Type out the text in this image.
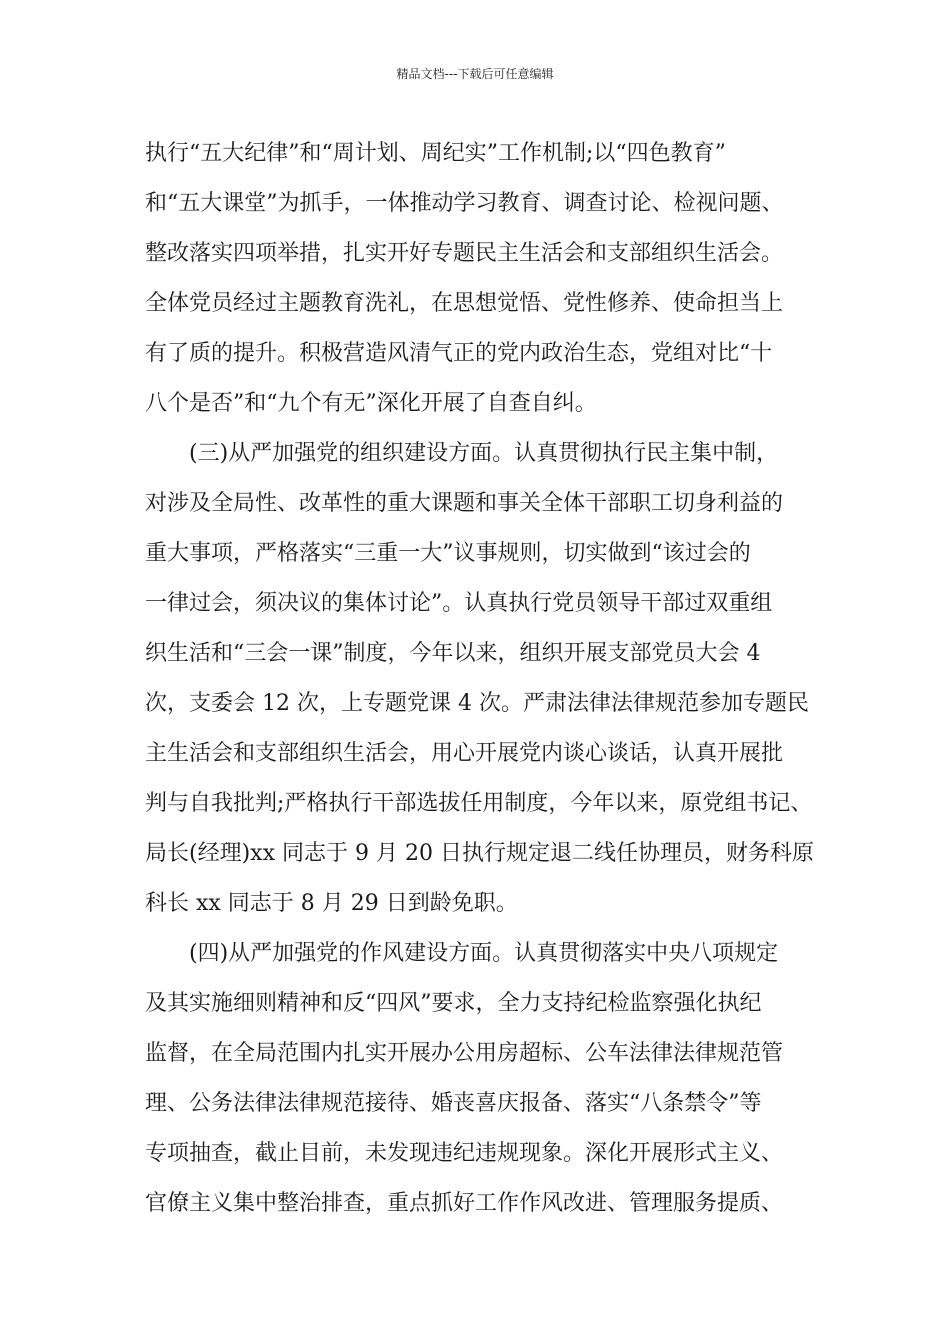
精品文档---下载后可任意编辑
执行“五大纪律”和“周计划、周纪实”工作机制;以“四色教育”
和“五大课堂”为抓手，一体推动学习教育、调查讨论、检视问题、
整改落实四项举措，扎实开好专题民主生活会和支部组织生活会。
全体党员经过主题教育洗礼，在思想觉悟、党性修养、使命担当上
有了质的提升。积极营造风清气正的党内政治生态，党组对比“十
八个是否”和“九个有无”深化开展了自查自纠。
　　(三)从严加强党的组织建设方面。认真贯彻执行民主集中制，
对涉及全局性、改革性的重大课题和事关全体干部职工切身利益的
重大事项，严格落实“三重一大”议事规则，切实做到“该过会的
一律过会，须决议的集体讨论”。认真执行党员领导干部过双重组
织生活和“三会一课”制度，今年以来，组织开展支部党员大会 4
次，支委会 12 次，上专题党课 4 次。严肃法律法律规范参加专题民
主生活会和支部组织生活会，用心开展党内谈心谈话，认真开展批
判与自我批判;严格执行干部选拔任用制度，今年以来，原党组书记、
局长(经理)xx 同志于 9 月 20 日执行规定退二线任协理员，财务科原
科长 xx 同志于 8 月 29 日到龄免职。
　　(四)从严加强党的作风建设方面。认真贯彻落实中央八项规定
及其实施细则精神和反“四风”要求，全力支持纪检监察强化执纪
监督，在全局范围内扎实开展办公用房超标、公车法律法律规范管
理、公务法律法律规范接待、婚丧喜庆报备、落实“八条禁令”等
专项抽查，截止目前，未发现违纪违规现象。深化开展形式主义、
官僚主义集中整治排查，重点抓好工作作风改进、管理服务提质、
